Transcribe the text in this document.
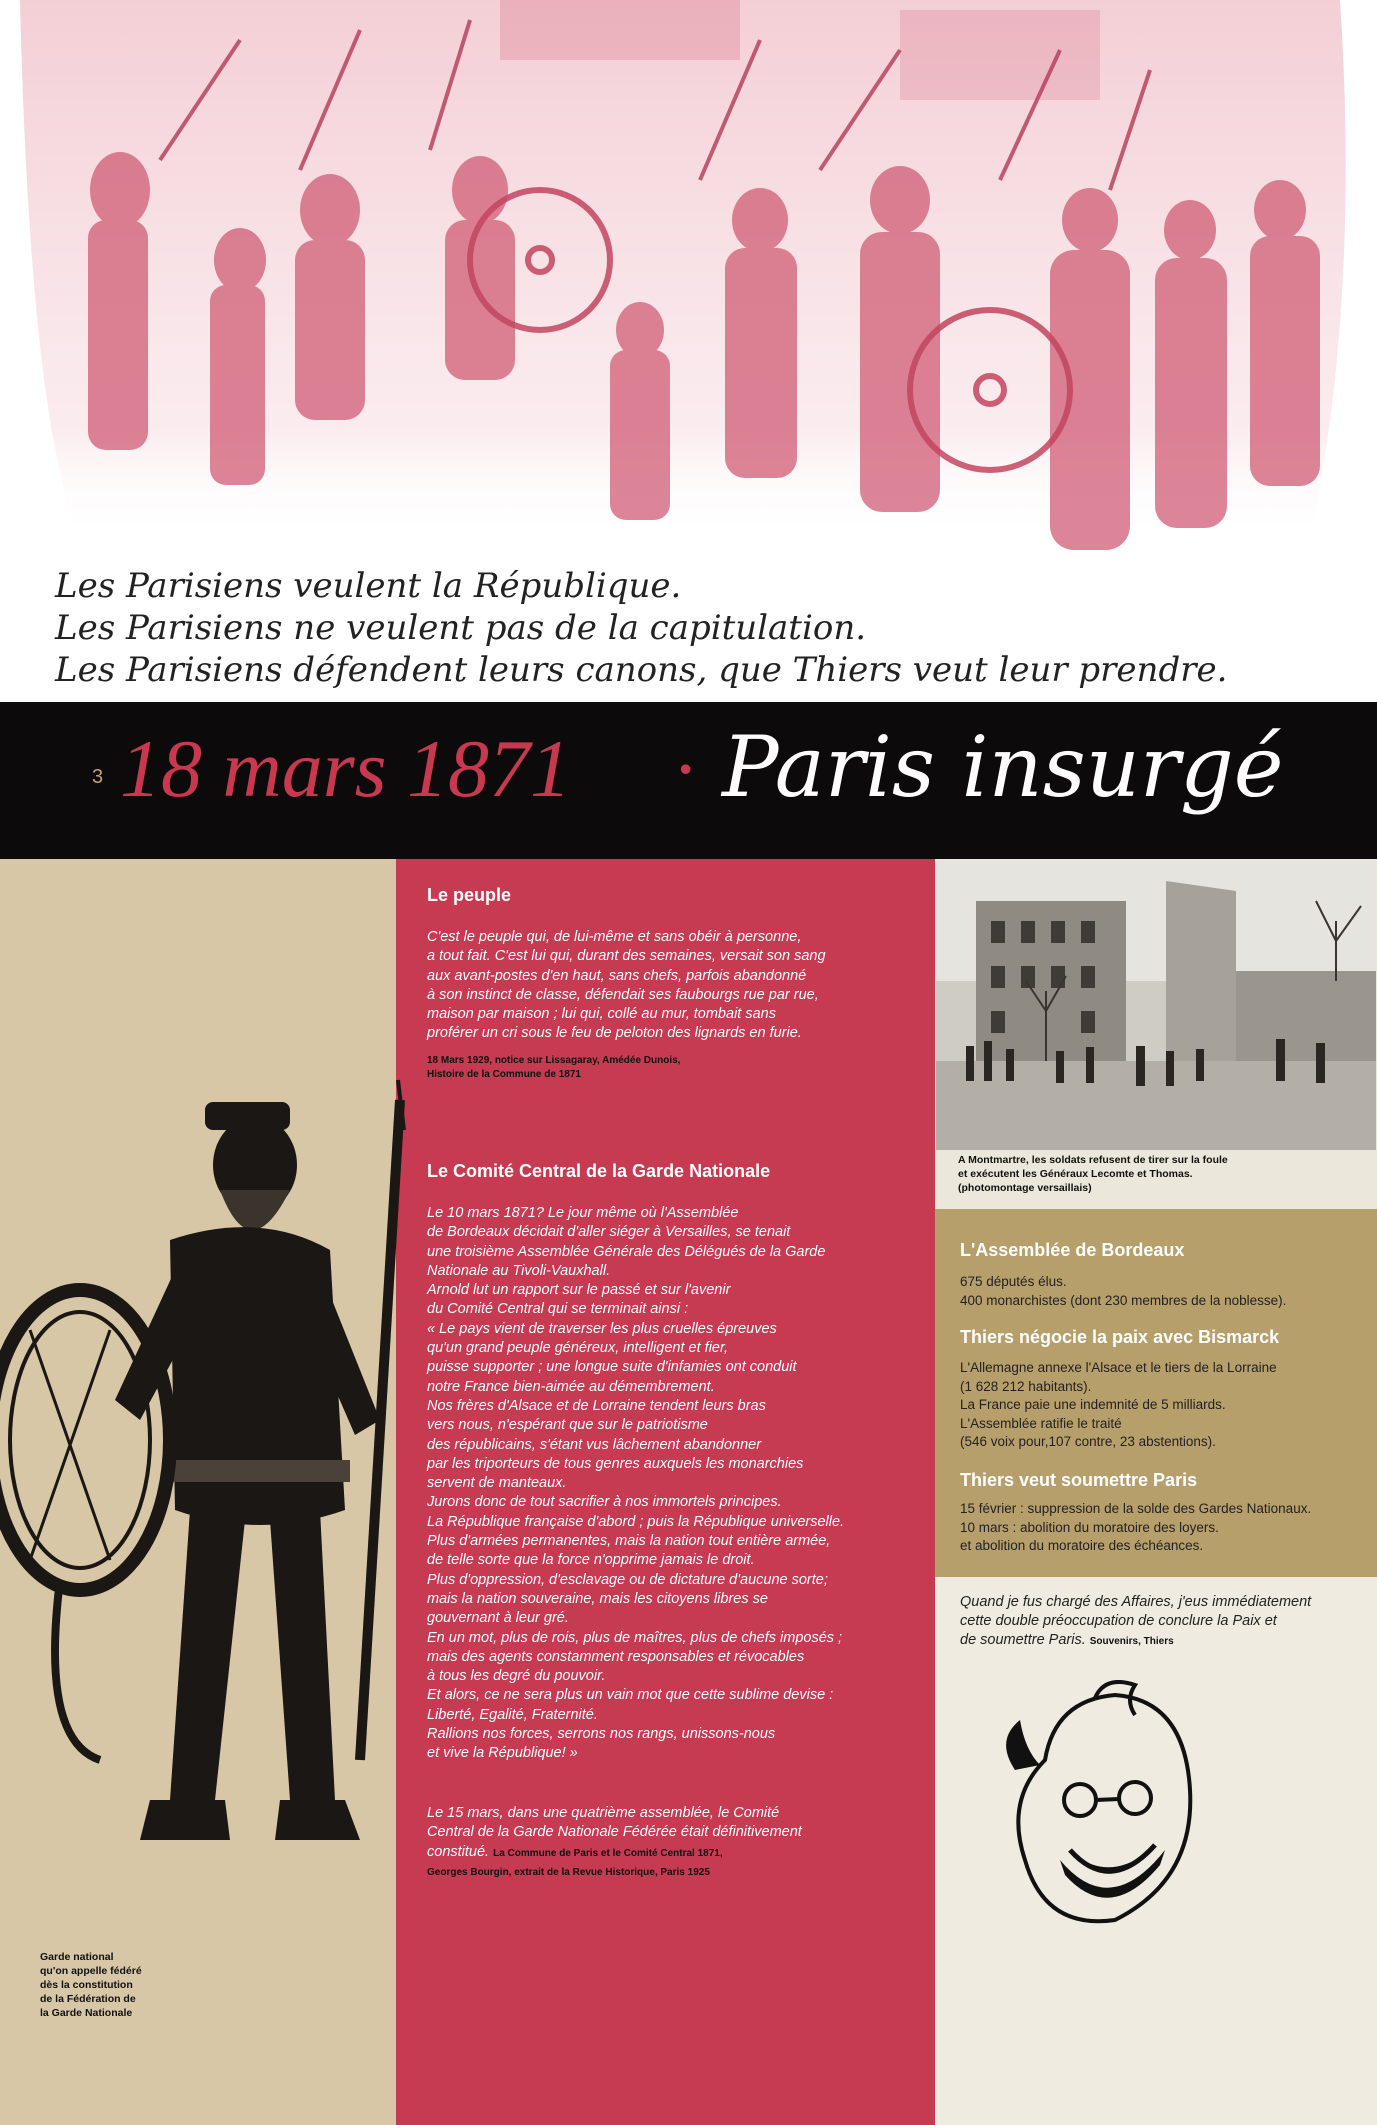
Les Parisiens veulent la République.
Les Parisiens ne veulent pas de la capitulation.
Les Parisiens défendent leurs canons, que Thiers veut leur prendre.
3 18 mars 1871 · Paris insurgé
Garde national
qu'on appelle fédéré
dès la constitution
de la Fédération de
la Garde Nationale
Le peuple
C'est le peuple qui, de lui-même et sans obéir à personne,
a tout fait. C'est lui qui, durant des semaines, versait son sang
aux avant-postes d'en haut, sans chefs, parfois abandonné
à son instinct de classe, défendait ses faubourgs rue par rue,
maison par maison ; lui qui, collé au mur, tombait sans
proférer un cri sous le feu de peloton des lignards en furie.
18 Mars 1929, notice sur Lissagaray, Amédée Dunois,
Histoire de la Commune de 1871
Le Comité Central de la Garde Nationale
Le 10 mars 1871? Le jour même où l'Assemblée
de Bordeaux décidait d'aller siéger à Versailles, se tenait
une troisième Assemblée Générale des Délégués de la Garde
Nationale au Tivoli-Vauxhall.
Arnold lut un rapport sur le passé et sur l'avenir
du Comité Central qui se terminait ainsi :
« Le pays vient de traverser les plus cruelles épreuves
qu'un grand peuple généreux, intelligent et fier,
puisse supporter ; une longue suite d'infamies ont conduit
notre France bien-aimée au démembrement.
Nos frères d'Alsace et de Lorraine tendent leurs bras
vers nous, n'espérant que sur le patriotisme
des républicains, s'étant vus lâchement abandonner
par les triporteurs de tous genres auxquels les monarchies
servent de manteaux.
Jurons donc de tout sacrifier à nos immortels principes.
La République française d'abord ; puis la République universelle.
Plus d'armées permanentes, mais la nation tout entière armée,
de telle sorte que la force n'opprime jamais le droit.
Plus d'oppression, d'esclavage ou de dictature d'aucune sorte;
mais la nation souveraine, mais les citoyens libres se
gouvernant à leur gré.
En un mot, plus de rois, plus de maîtres, plus de chefs imposés ;
mais des agents constamment responsables et révocables
à tous les degré du pouvoir.
Et alors, ce ne sera plus un vain mot que cette sublime devise :
Liberté, Egalité, Fraternité.
Rallions nos forces, serrons nos rangs, unissons-nous
et vive la République! »
Le 15 mars, dans une quatrième assemblée, le Comité
Central de la Garde Nationale Fédérée était définitivement
constitué. La Commune de Paris et le Comité Central 1871,
Georges Bourgin, extrait de la Revue Historique, Paris 1925
A Montmartre, les soldats refusent de tirer sur la foule
et exécutent les Généraux Lecomte et Thomas.
(photomontage versaillais)
L'Assemblée de Bordeaux
675 députés élus.
400 monarchistes (dont 230 membres de la noblesse).
Thiers négocie la paix avec Bismarck
L'Allemagne annexe l'Alsace et le tiers de la Lorraine
(1 628 212 habitants).
La France paie une indemnité de 5 milliards.
L'Assemblée ratifie le traité
(546 voix pour,107 contre, 23 abstentions).
Thiers veut soumettre Paris
15 février : suppression de la solde des Gardes Nationaux.
10 mars : abolition du moratoire des loyers.
et abolition du moratoire des échéances.
Quand je fus chargé des Affaires, j'eus immédiatement
cette double préoccupation de conclure la Paix et
de soumettre Paris. Souvenirs, Thiers
